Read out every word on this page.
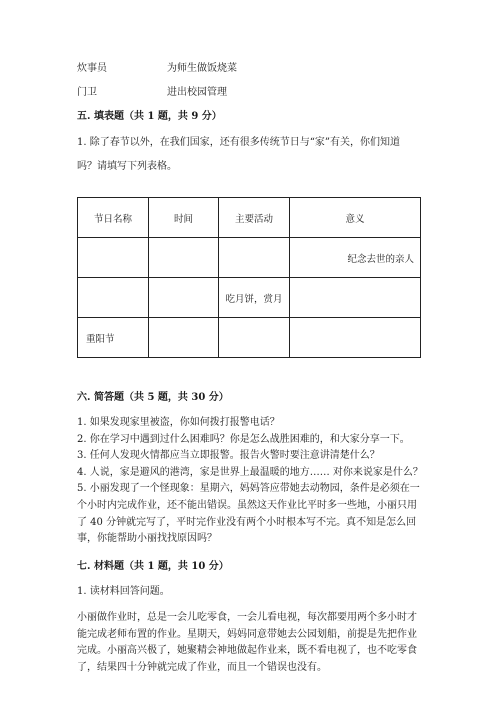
炊事员	为师生做饭烧菜
门卫	进出校园管理
五. 填表题（共 1 题，共 9 分）
1. 除了春节以外，在我们国家，还有很多传统节日与“家”有关，你们知道
吗？请填写下列表格。
节日名称	时间	主要活动	意义
			纪念去世的亲人
		吃月饼，赏月	
重阳节			
六. 简答题（共 5 题，共 30 分）
1. 如果发现家里被盗，你如何拨打报警电话？
2. 你在学习中遇到过什么困难吗？你是怎么战胜困难的，和大家分享一下。
3. 任何人发现火情都应当立即报警。报告火警时要注意讲清楚什么？
4. 人说，家是避风的港湾，家是世界上最温暖的地方…… 对你来说家是什么？
5. 小丽发现了一个怪现象：星期六，妈妈答应带她去动物园，条件是必须在一
个小时内完成作业，还不能出错误。虽然这天作业比平时多一些地，小丽只用
了 40 分钟就完写了，平时完作业没有两个小时根本写不完。真不知是怎么回
事，你能帮助小丽找找原因吗？
七. 材料题（共 1 题，共 10 分）
1. 读材料回答问题。
小丽做作业时，总是一会儿吃零食，一会儿看电视，每次都要用两个多小时才
能完成老师布置的作业。星期天，妈妈同意带她去公园划船，前提是先把作业
完成。小丽高兴极了，她聚精会神地做起作业来，既不看电视了，也不吃零食
了，结果四十分钟就完成了作业，而且一个错误也没有。
